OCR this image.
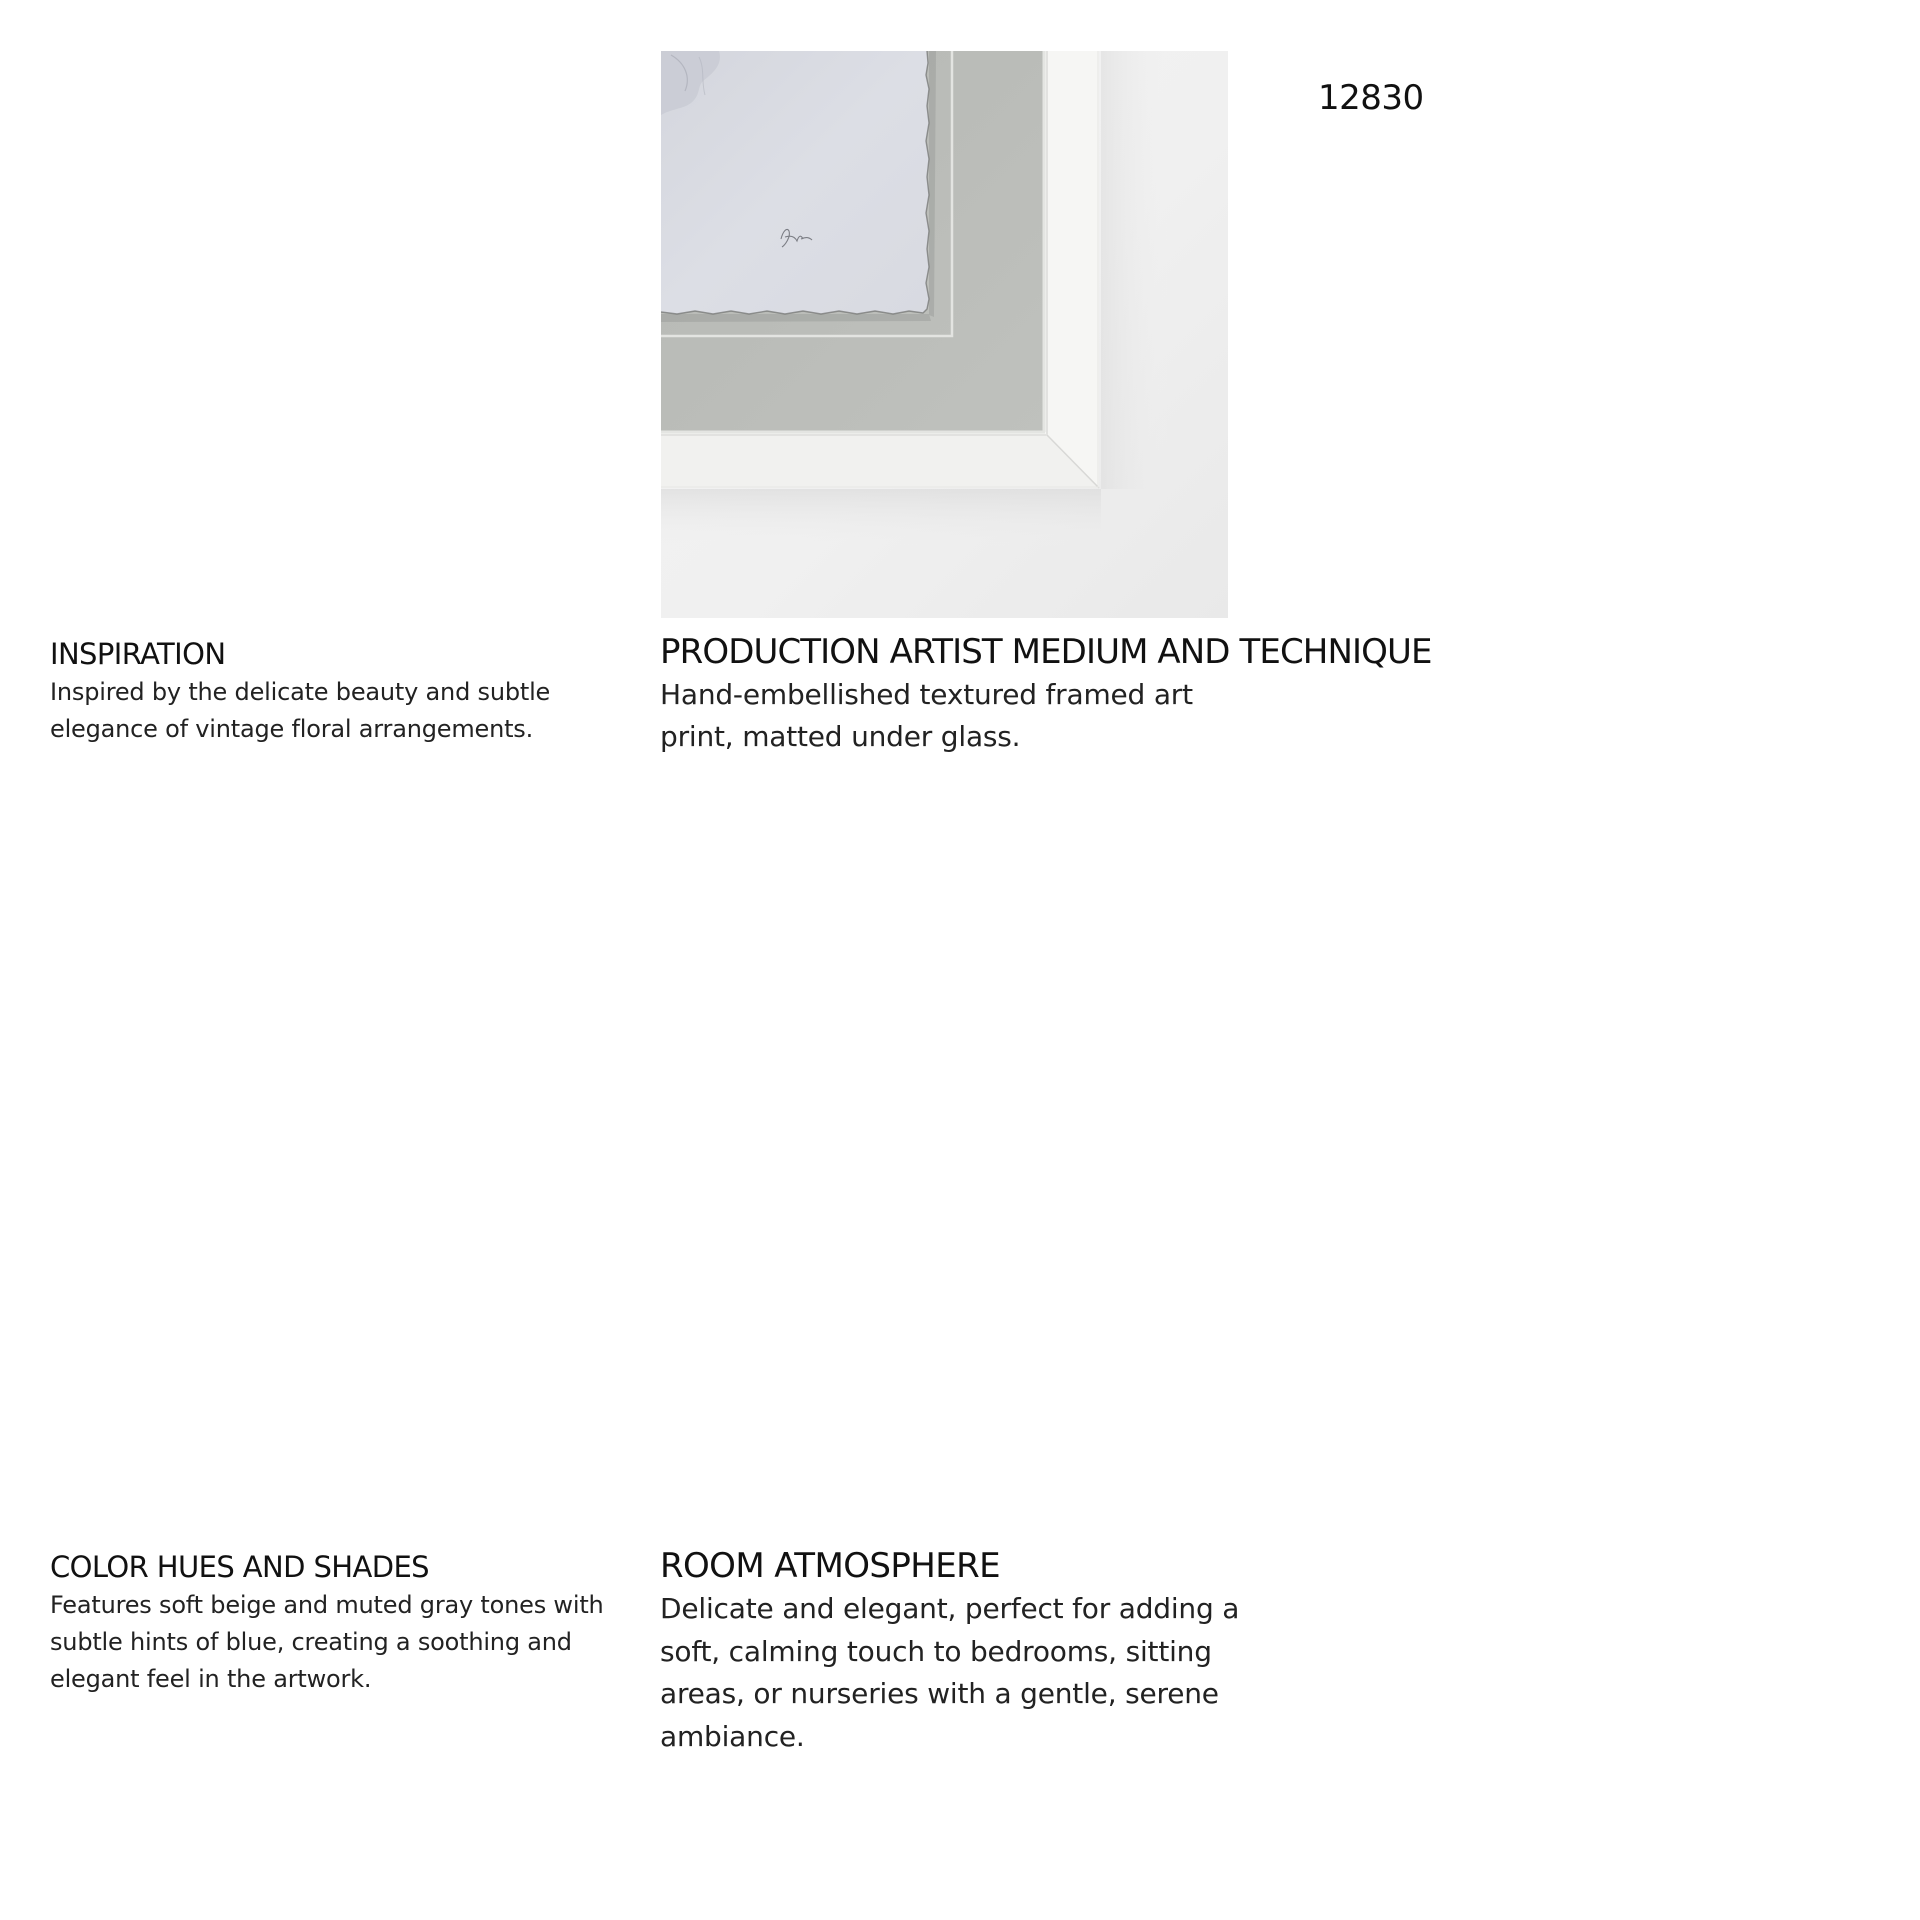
12830
INSPIRATION

Inspired by the delicate beauty and subtle elegance of vintage floral arrangements.

PRODUCTION ARTIST MEDIUM AND TECHNIQUE

Hand-embellished textured framed art print, matted under glass.

COLOR HUES AND SHADES

Features soft beige and muted gray tones with subtle hints of blue, creating a soothing and elegant feel in the artwork.

ROOM ATMOSPHERE

Delicate and elegant, perfect for adding a soft, calming touch to bedrooms, sitting areas, or nurseries with a gentle, serene ambiance.
